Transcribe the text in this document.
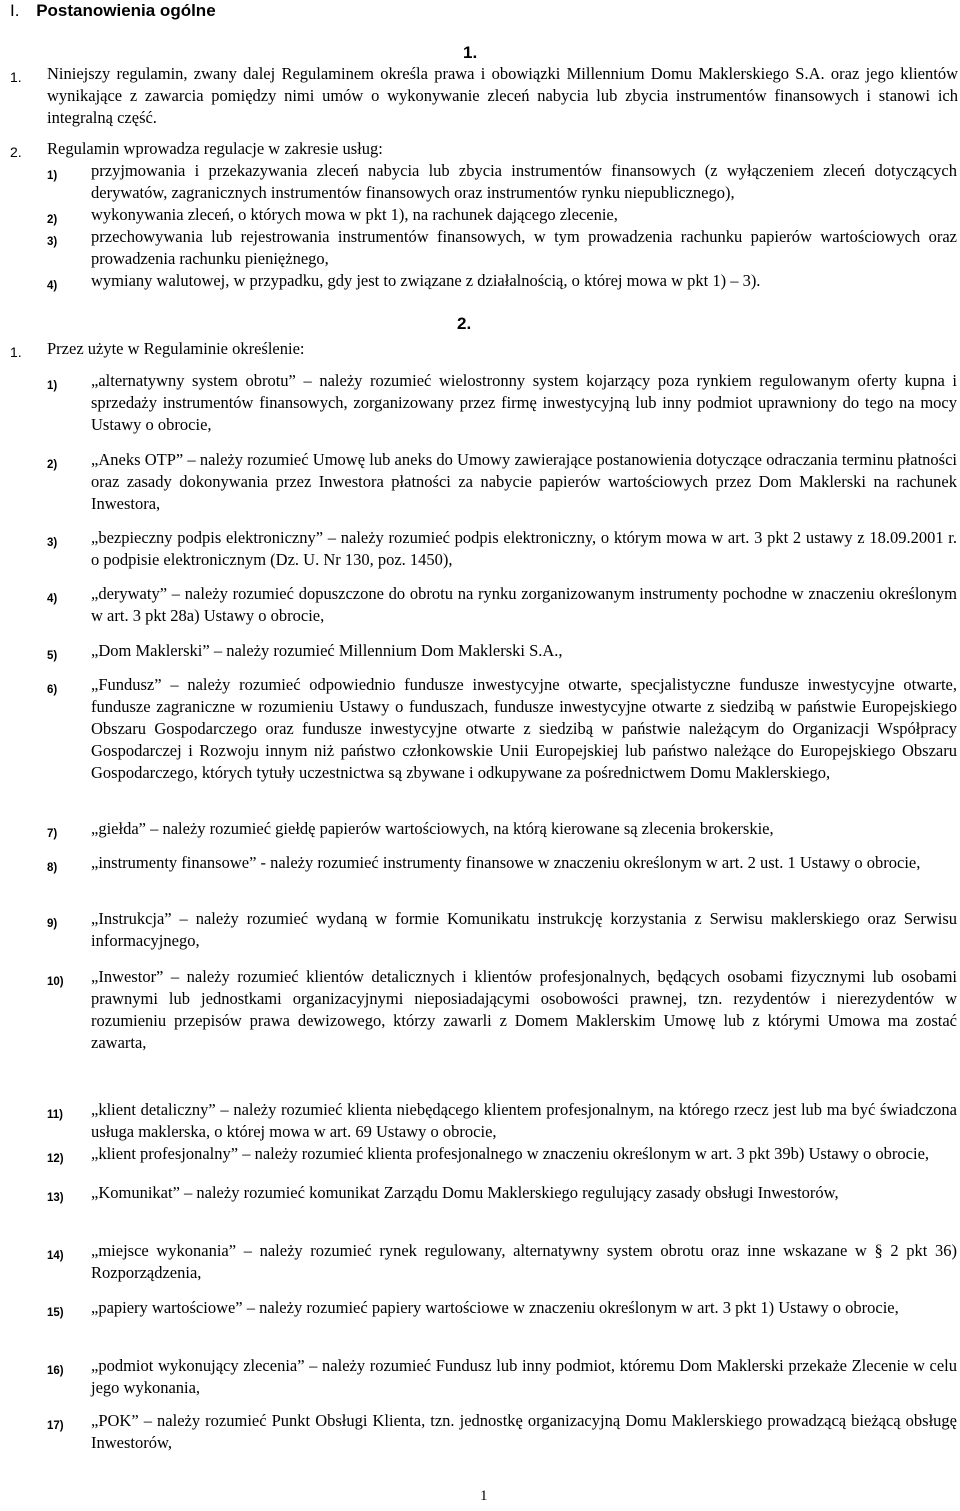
I. Postanowienia ogólne
1.
1. Niniejszy regulamin, zwany dalej Regulaminem określa prawa i obowiązki Millennium Domu Maklerskiego S.A. oraz jego klientów wynikające z zawarcia pomiędzy nimi umów o wykonywanie zleceń nabycia lub zbycia instrumentów finansowych i stanowi ich integralną część.
2. Regulamin wprowadza regulacje w zakresie usług:
1) przyjmowania i przekazywania zleceń nabycia lub zbycia instrumentów finansowych (z wyłączeniem zleceń dotyczących derywatów, zagranicznych instrumentów finansowych oraz instrumentów rynku niepublicznego),
2) wykonywania zleceń, o których mowa w pkt 1), na rachunek dającego zlecenie,
3) przechowywania lub rejestrowania instrumentów finansowych, w tym prowadzenia rachunku papierów wartościowych oraz prowadzenia rachunku pieniężnego,
4) wymiany walutowej, w przypadku, gdy jest to związane z działalnością, o której mowa w pkt 1) – 3).
2.
1. Przez użyte w Regulaminie określenie:
1) „alternatywny system obrotu” – należy rozumieć wielostronny system kojarzący poza rynkiem regulowanym oferty kupna i sprzedaży instrumentów finansowych, zorganizowany przez firmę inwestycyjną lub inny podmiot uprawniony do tego na mocy Ustawy o obrocie,
2) „Aneks OTP” – należy rozumieć Umowę lub aneks do Umowy zawierające postanowienia dotyczące odraczania terminu płatności oraz zasady dokonywania przez Inwestora płatności za nabycie papierów wartościowych przez Dom Maklerski na rachunek Inwestora,
3) „bezpieczny podpis elektroniczny” – należy rozumieć podpis elektroniczny, o którym mowa w art. 3 pkt 2 ustawy z 18.09.2001 r. o podpisie elektronicznym (Dz. U. Nr 130, poz. 1450),
4) „derywaty” – należy rozumieć dopuszczone do obrotu na rynku zorganizowanym instrumenty pochodne w znaczeniu określonym w art. 3 pkt 28a) Ustawy o obrocie,
5) „Dom Maklerski” – należy rozumieć Millennium Dom Maklerski S.A.,
6) „Fundusz” – należy rozumieć odpowiednio fundusze inwestycyjne otwarte, specjalistyczne fundusze inwestycyjne otwarte, fundusze zagraniczne w rozumieniu Ustawy o funduszach, fundusze inwestycyjne otwarte z siedzibą w państwie Europejskiego Obszaru Gospodarczego oraz fundusze inwestycyjne otwarte z siedzibą w państwie należącym do Organizacji Współpracy Gospodarczej i Rozwoju innym niż państwo członkowskie Unii Europejskiej lub państwo należące do Europejskiego Obszaru Gospodarczego, których tytuły uczestnictwa są zbywane i odkupywane za pośrednictwem Domu Maklerskiego,
7) „giełda” – należy rozumieć giełdę papierów wartościowych, na którą kierowane są zlecenia brokerskie,
8) „instrumenty finansowe” - należy rozumieć instrumenty finansowe w znaczeniu określonym w art. 2 ust. 1 Ustawy o obrocie,
9) „Instrukcja” – należy rozumieć wydaną w formie Komunikatu instrukcję korzystania z Serwisu maklerskiego oraz Serwisu informacyjnego,
10) „Inwestor” – należy rozumieć klientów detalicznych i klientów profesjonalnych, będących osobami fizycznymi lub osobami prawnymi lub jednostkami organizacyjnymi nieposiadającymi osobowości prawnej, tzn. rezydentów i nierezydentów w rozumieniu przepisów prawa dewizowego, którzy zawarli z Domem Maklerskim Umowę lub z którymi Umowa ma zostać zawarta,
11) „klient detaliczny” – należy rozumieć klienta niebędącego klientem profesjonalnym, na którego rzecz jest lub ma być świadczona usługa maklerska, o której mowa w art. 69 Ustawy o obrocie,
12) „klient profesjonalny” – należy rozumieć klienta profesjonalnego w znaczeniu określonym w art. 3 pkt 39b) Ustawy o obrocie,
13) „Komunikat” – należy rozumieć komunikat Zarządu Domu Maklerskiego regulujący zasady obsługi Inwestorów,
14) „miejsce wykonania” – należy rozumieć rynek regulowany, alternatywny system obrotu oraz inne wskazane w § 2 pkt 36) Rozporządzenia,
15) „papiery wartościowe” – należy rozumieć papiery wartościowe w znaczeniu określonym w art. 3 pkt 1) Ustawy o obrocie,
16) „podmiot wykonujący zlecenia” – należy rozumieć Fundusz lub inny podmiot, któremu Dom Maklerski przekaże Zlecenie w celu jego wykonania,
17) „POK” – należy rozumieć Punkt Obsługi Klienta, tzn. jednostkę organizacyjną Domu Maklerskiego prowadzącą bieżącą obsługę Inwestorów,
1
